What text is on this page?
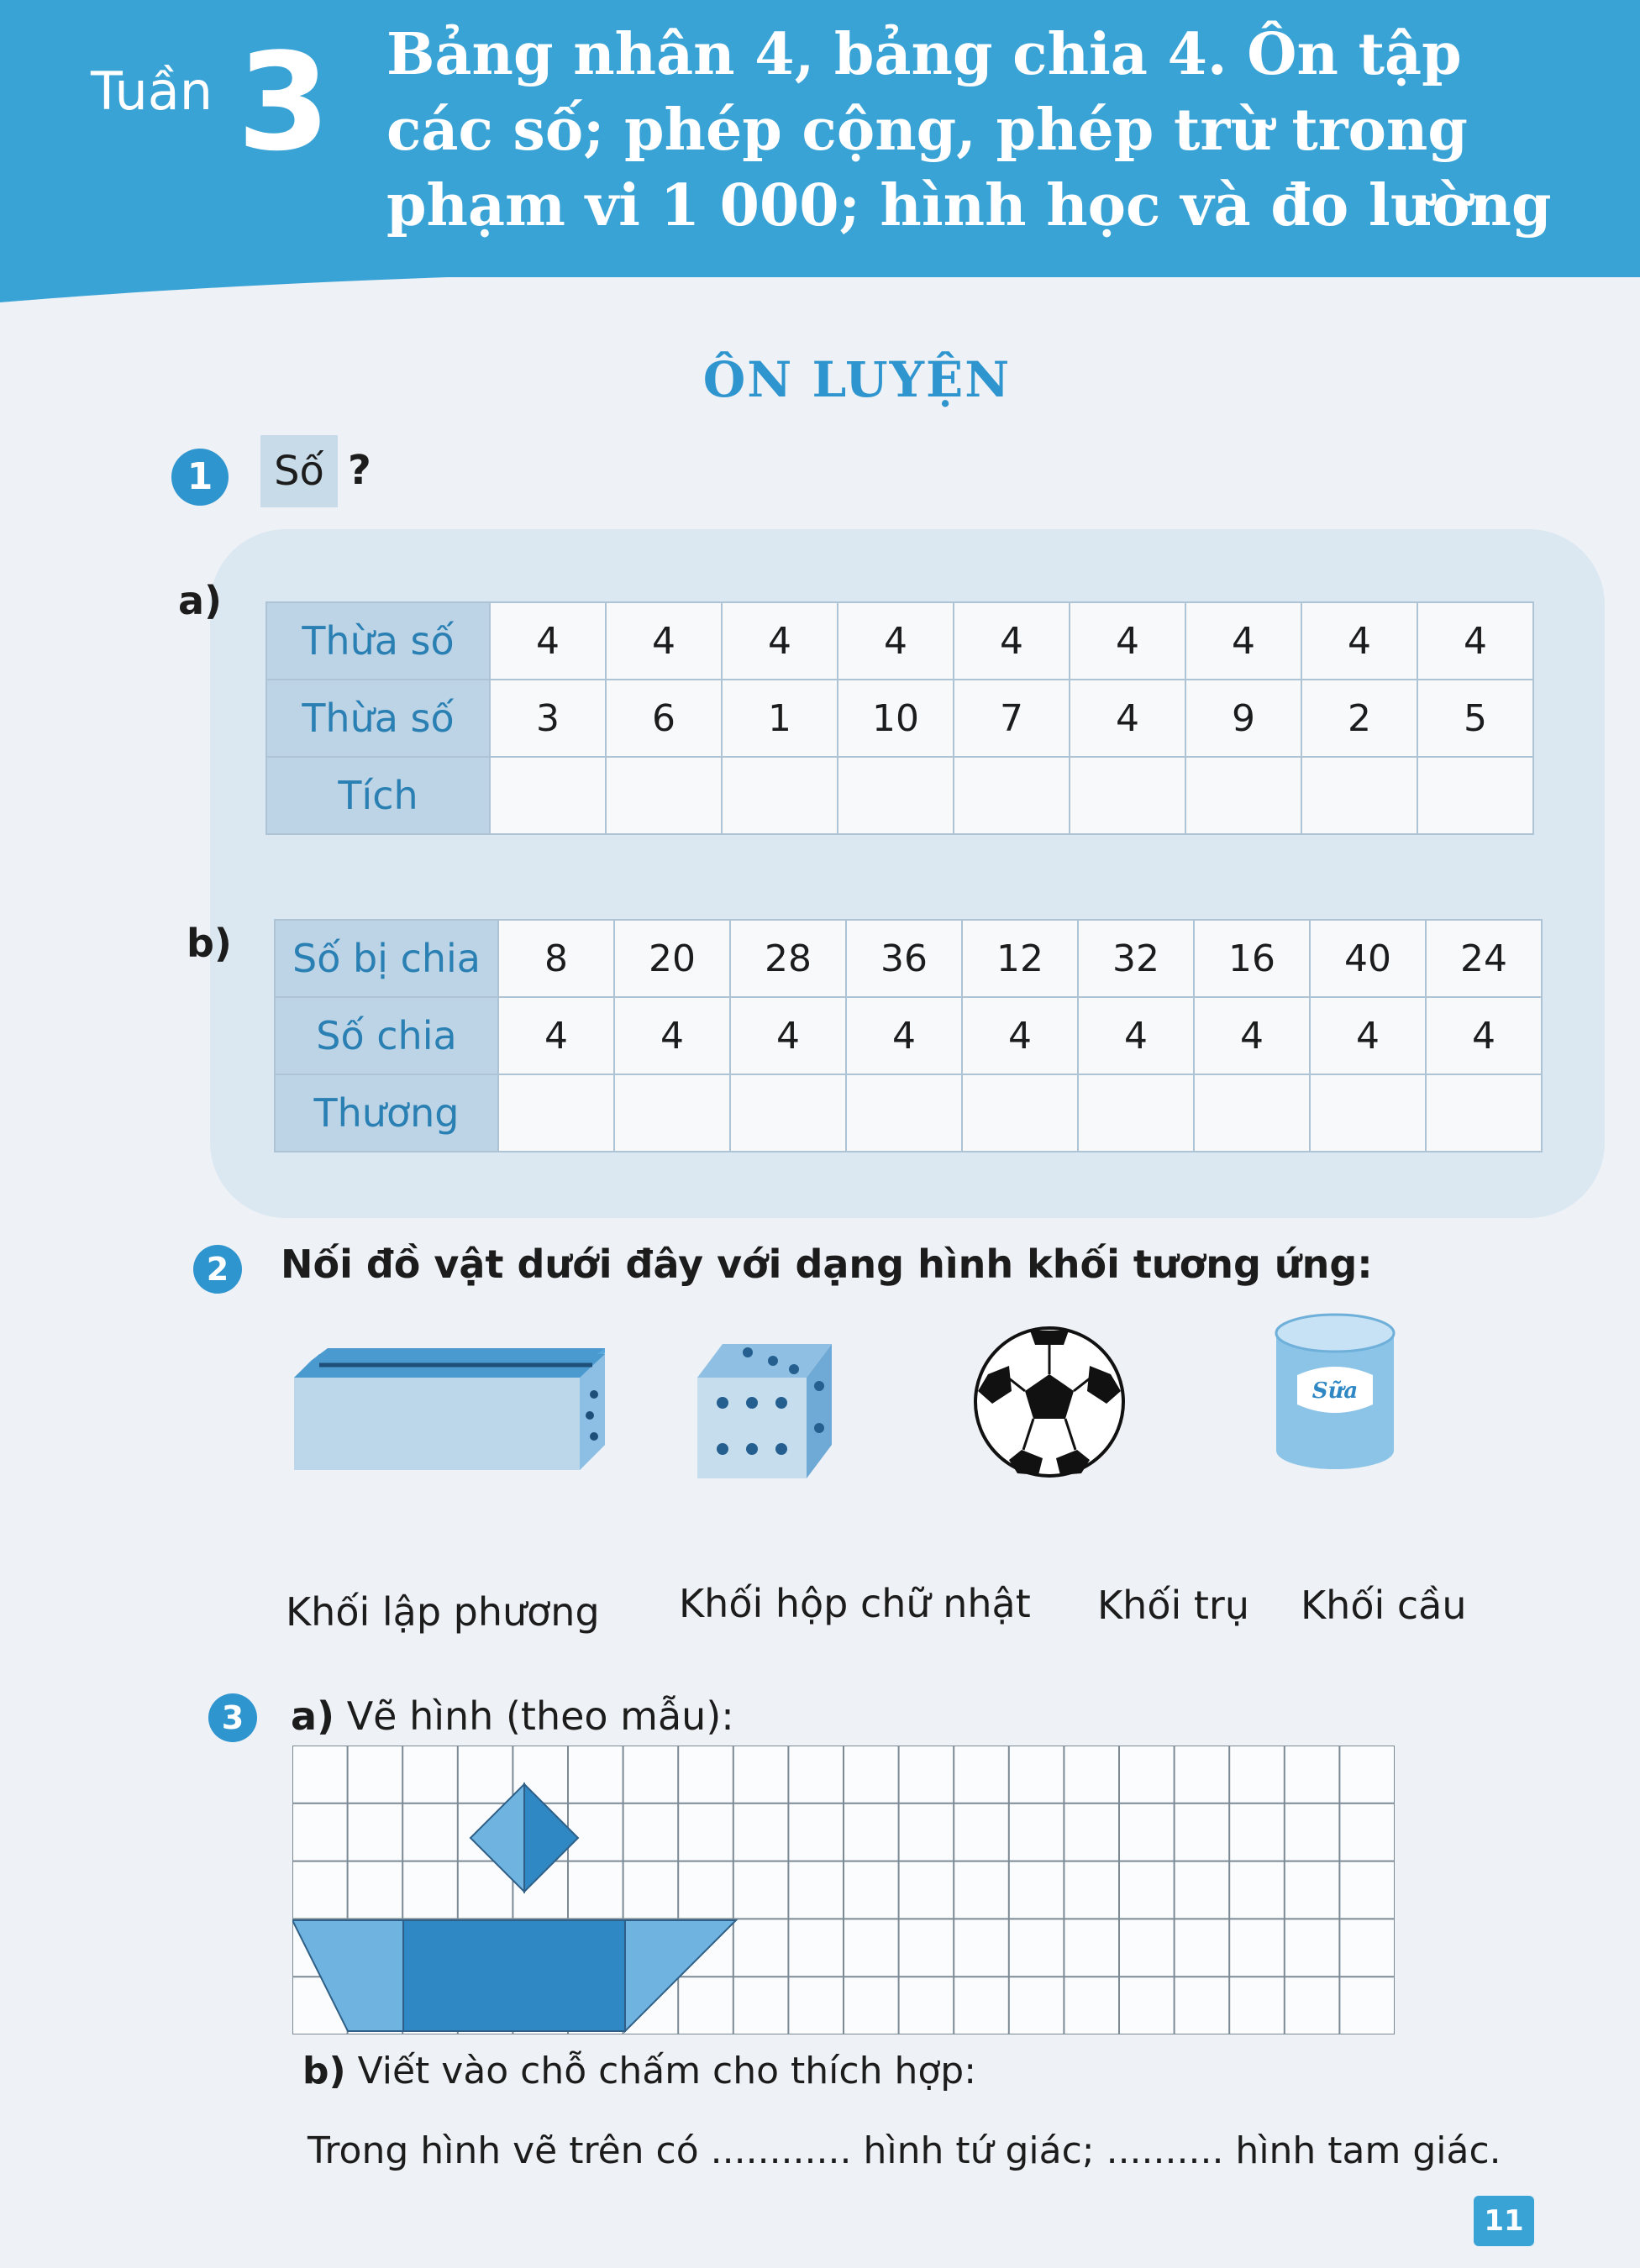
Tuần 3 Bảng nhân 4, bảng chia 4. Ôn tập
các số; phép cộng, phép trừ trong
phạm vi 1 000; hình học và đo lường
ÔN LUYỆN
1	Số ?
a)
Thừa số	4	4	4	4	4	4	4	4	4
Thừa số	3	6	1	10	7	4	9	2	5
Tích									
b) Số bị chia	8	20	28	36	12	32	16	40	24
Số chia	4	4	4	4	4	4	4	4	4
Thương									
2	Nối đồ vật dưới đây với dạng hình khối tương ứng:
Sữa
Khối lập phương Khối hộp chữ nhật Khối trụ Khối cầu
3	a) Vẽ hình (theo mẫu):
b) Viết vào chỗ chấm cho thích hợp:
Trong hình vẽ trên có ............ hình tứ giác; .......... hình tam giác.
11
